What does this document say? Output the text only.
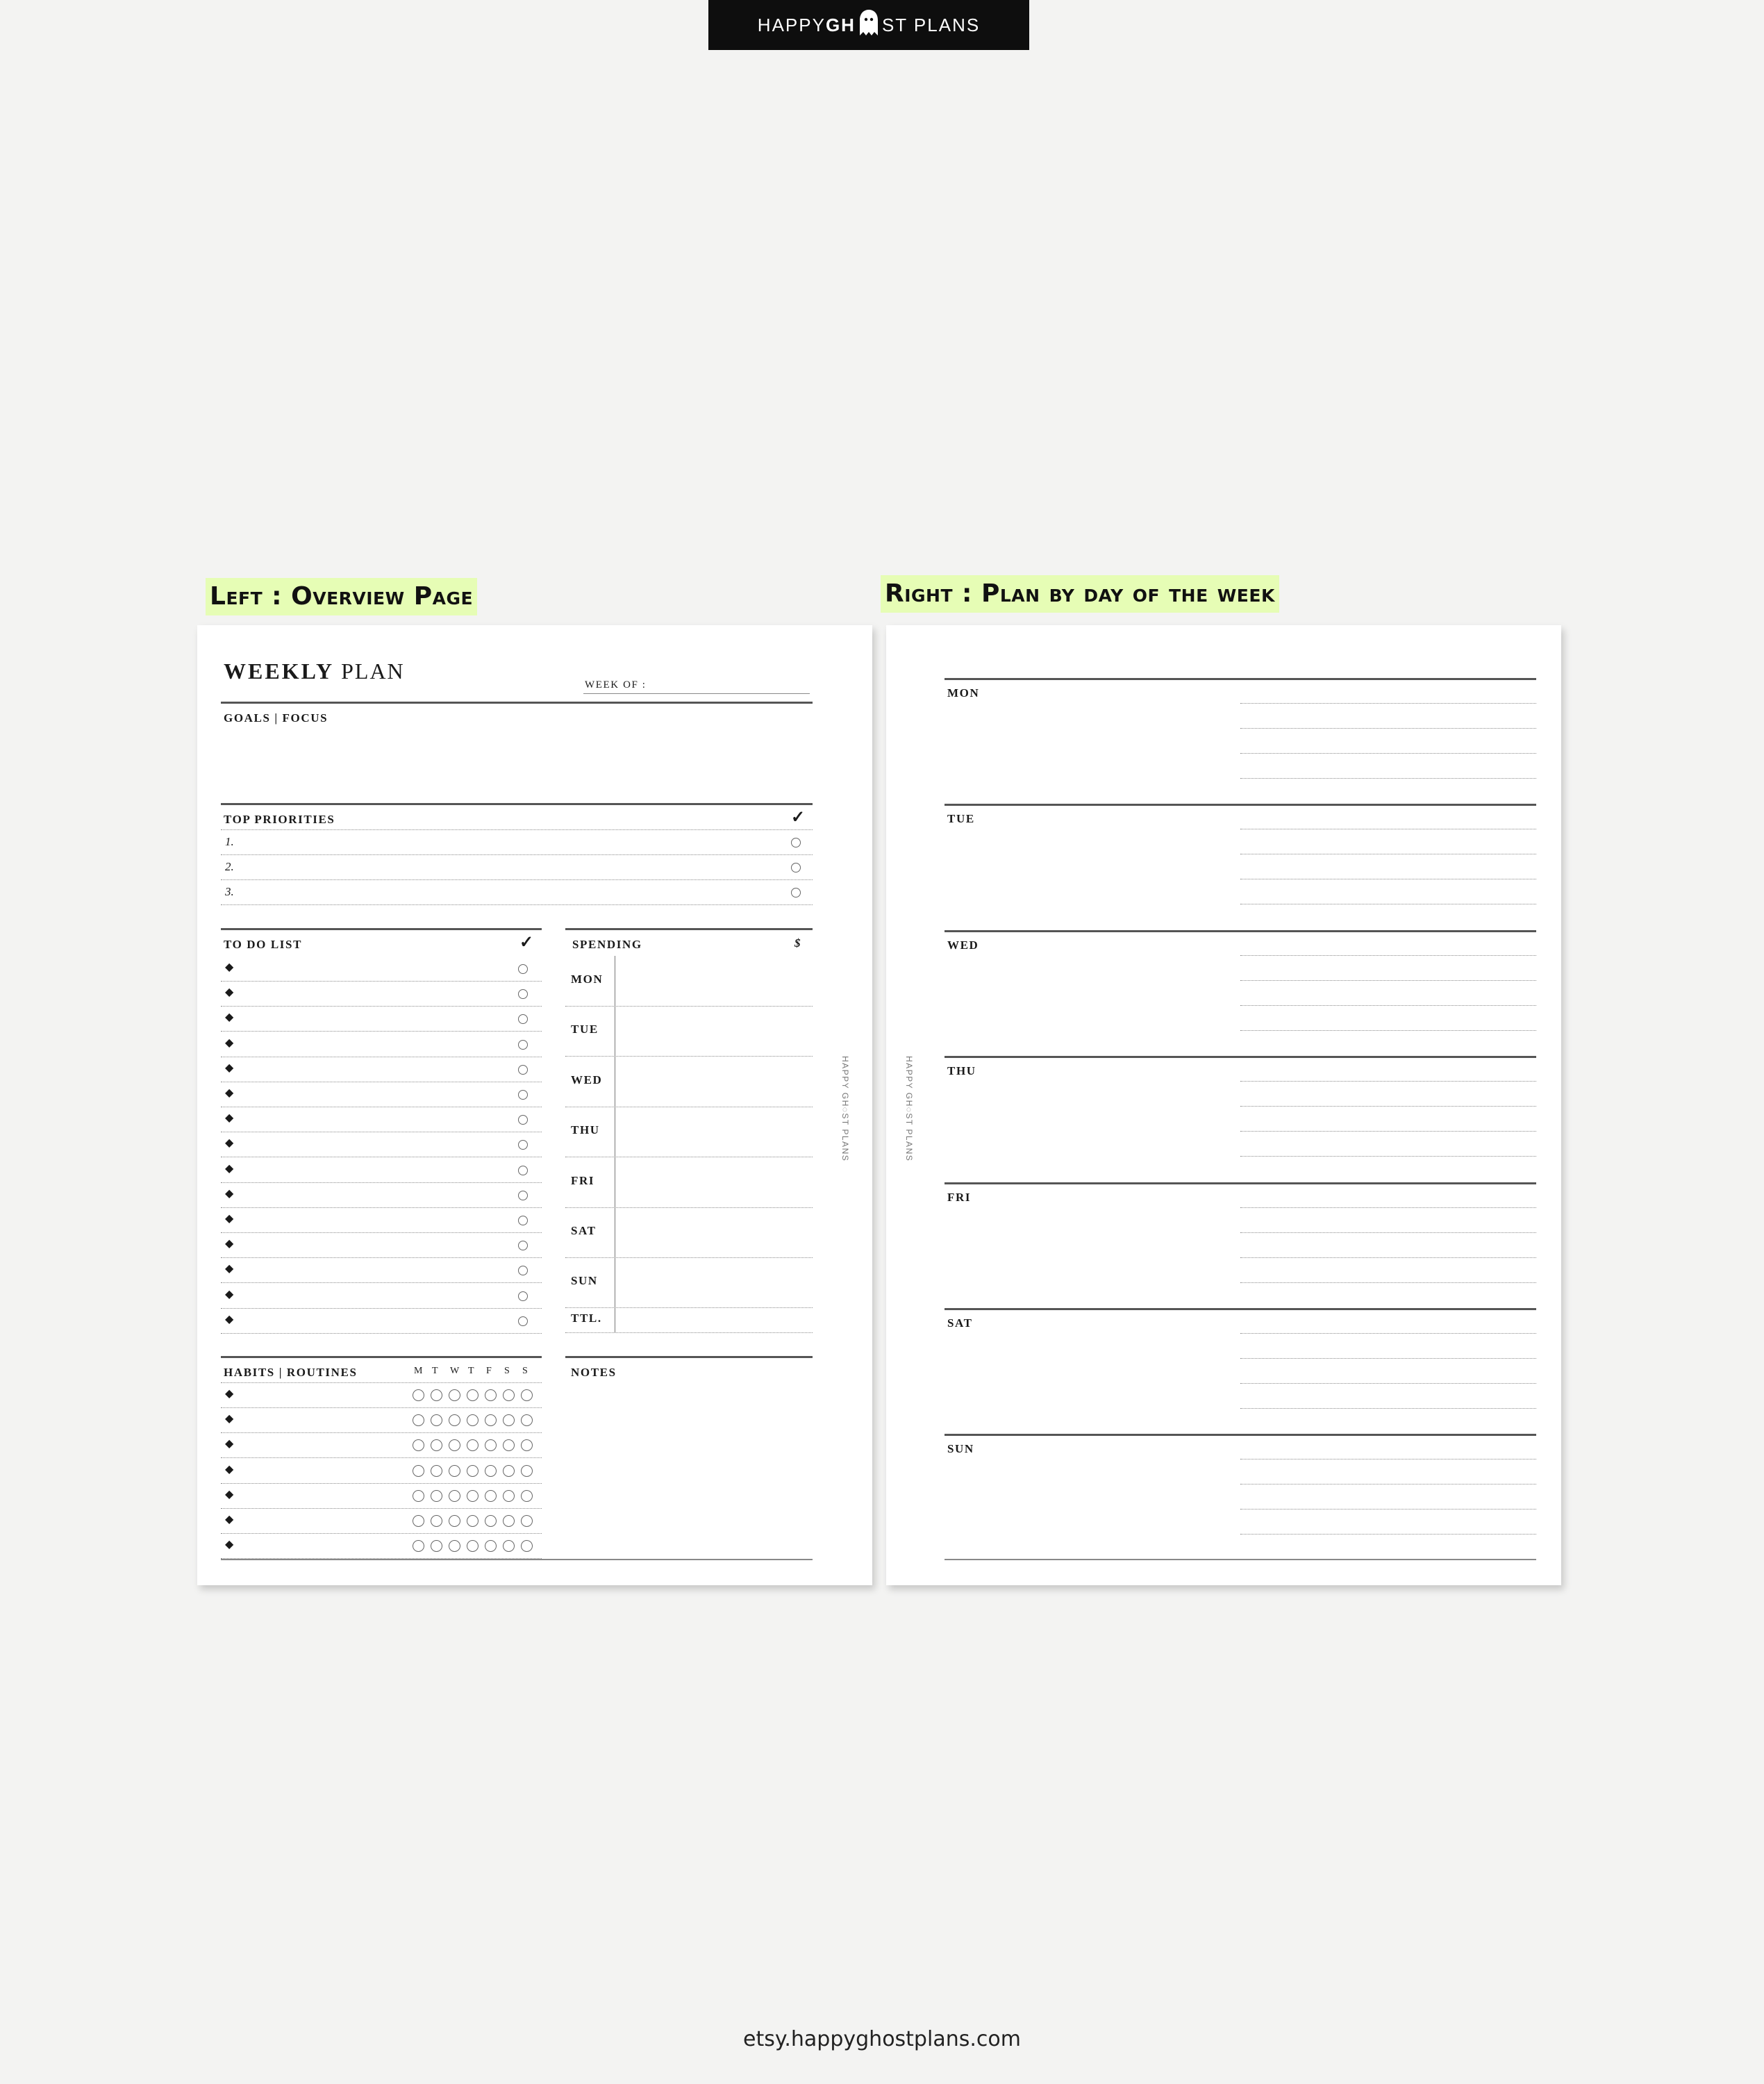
HAPPY GH ST PLANS
Left : Overview Page	Right : Plan by day of the week
WEEKLY PLAN
WEEK OF :
GOALS | FOCUS
TOP PRIORITIES	✓
TO DO LIST	✓	SPENDING	$
HAPPY GH◌ST PLANS
HABITS | ROUTINES	NOTES
1.
2.
3.
◆
◆
◆
◆
◆
◆
◆
◆
◆
◆
◆
◆
◆
◆
◆
MON
TUE
WED
THU
FRI
SAT
SUN
TTL.
M T W T F S S
◆
◆
◆
◆
◆
◆
◆
HAPPY GH◌ST PLANS
MON
TUE
WED
THU
FRI
SAT
SUN
etsy.happyghostplans.com
